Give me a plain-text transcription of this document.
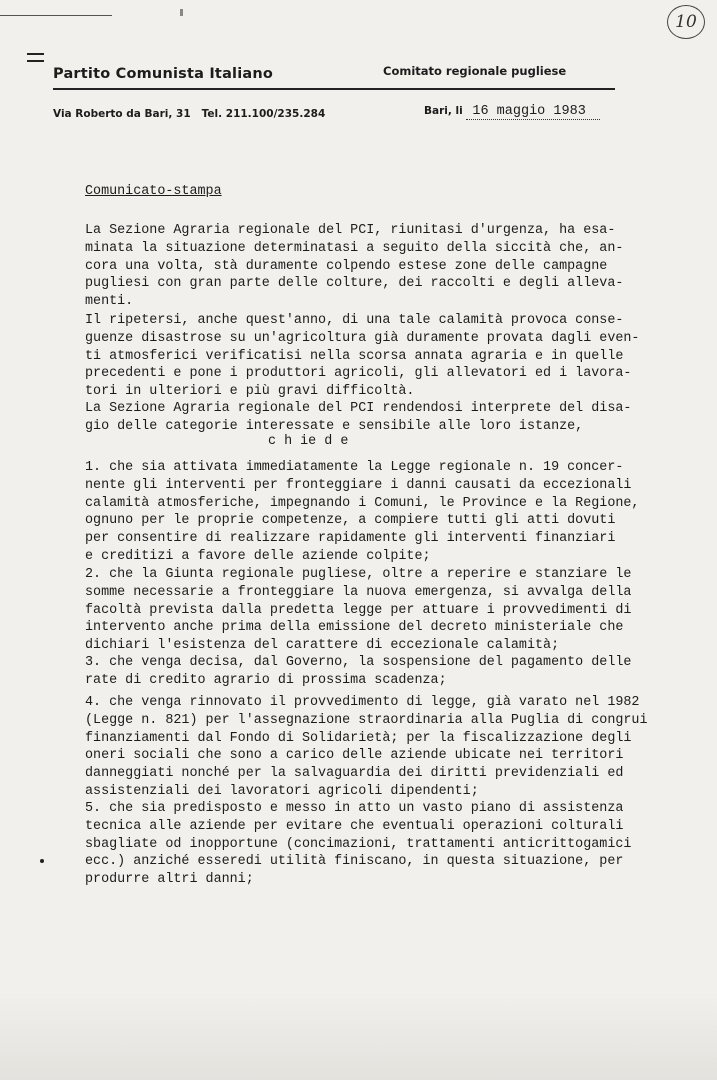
10
Partito Comunista Italiano	Comitato regionale pugliese
Via Roberto da Bari, 31   Tel. 211.100/235.284	Bari, li 16 maggio 1983
Comunicato-stampa
La Sezione Agraria regionale del PCI, riunitasi d'urgenza, ha esa-
minata la situazione determinatasi a seguito della siccità che, an-
cora una volta, stà duramente colpendo estese zone delle campagne
pugliesi con gran parte delle colture, dei raccolti e degli alleva-
menti.
Il ripetersi, anche quest'anno, di una tale calamità provoca conse-
guenze disastrose su un'agricoltura già duramente provata dagli even-
ti atmosferici verificatisi nella scorsa annata agraria e in quelle
precedenti e pone i produttori agricoli, gli allevatori ed i lavora-
tori in ulteriori e più gravi difficoltà.
La Sezione Agraria regionale del PCI rendendosi interprete del disa-
gio delle categorie interessate e sensibile alle loro istanze,
c h ie d e
1. che sia attivata immediatamente la Legge regionale n. 19 concer-
nente gli interventi per fronteggiare i danni causati da eccezionali
calamità atmosferiche, impegnando i Comuni, le Province e la Regione,
ognuno per le proprie competenze, a compiere tutti gli atti dovuti
per consentire di realizzare rapidamente gli interventi finanziari
e creditizi a favore delle aziende colpite;
2. che la Giunta regionale pugliese, oltre a reperire e stanziare le
somme necessarie a fronteggiare la nuova emergenza, si avvalga della
facoltà prevista dalla predetta legge per attuare i provvedimenti di
intervento anche prima della emissione del decreto ministeriale che
dichiari l'esistenza del carattere di eccezionale calamità;
3. che venga decisa, dal Governo, la sospensione del pagamento delle
rate di credito agrario di prossima scadenza;
4. che venga rinnovato il provvedimento di legge, già varato nel 1982
(Legge n. 821) per l'assegnazione straordinaria alla Puglia di congrui
finanziamenti dal Fondo di Solidarietà; per la fiscalizzazione degli
oneri sociali che sono a carico delle aziende ubicate nei territori
danneggiati nonché per la salvaguardia dei diritti previdenziali ed
assistenziali dei lavoratori agricoli dipendenti;
5. che sia predisposto e messo in atto un vasto piano di assistenza
tecnica alle aziende per evitare che eventuali operazioni colturali
sbagliate od inopportune (concimazioni, trattamenti anticrittogamici
ecc.) anziché esseredi utilità finiscano, in questa situazione, per
produrre altri danni;
